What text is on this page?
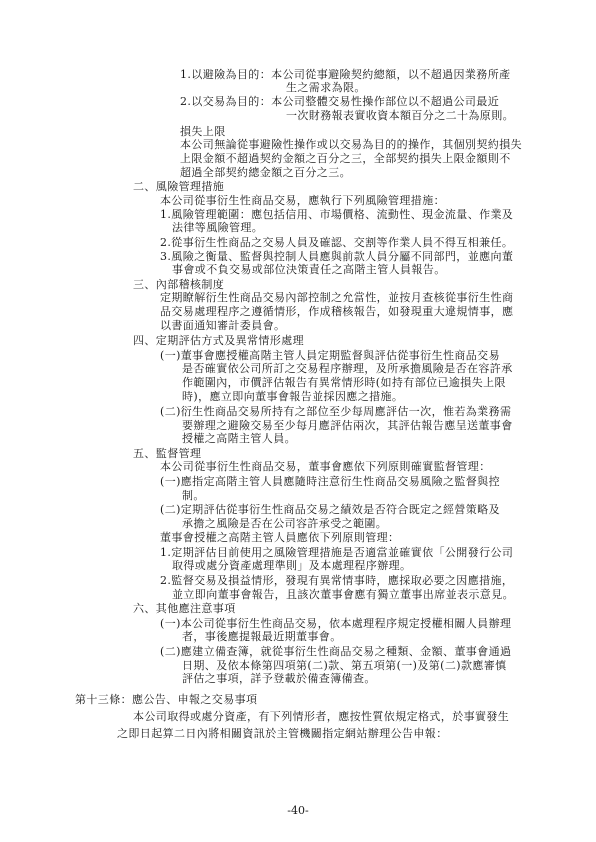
1.以避險為目的：本公司從事避險契約總額，以不超過因業務所產
生之需求為限。
2.以交易為目的：本公司整體交易性操作部位以不超過公司最近
一次財務報表實收資本額百分之二十為原則。
損失上限
本公司無論從事避險性操作或以交易為目的的操作，其個別契約損失
上限金額不超過契約金額之百分之三，全部契約損失上限金額則不
超過全部契約總金額之百分之三。
二、風險管理措施
本公司從事衍生性商品交易，應執行下列風險管理措施：
1.風險管理範圍：應包括信用、市場價格、流動性、現金流量、作業及
法律等風險管理。
2.從事衍生性商品之交易人員及確認、交割等作業人員不得互相兼任。
3.風險之衡量、監督與控制人員應與前款人員分屬不同部門，並應向董
事會或不負交易或部位決策責任之高階主管人員報告。
三、內部稽核制度
定期瞭解衍生性商品交易內部控制之允當性，並按月查核從事衍生性商
品交易處理程序之遵循情形，作成稽核報告，如發現重大違規情事，應
以書面通知審計委員會。
四、定期評估方式及異常情形處理
(一)董事會應授權高階主管人員定期監督與評估從事衍生性商品交易
是否確實依公司所訂之交易程序辦理，及所承擔風險是否在容許承
作範圍內，市價評估報告有異常情形時(如持有部位已逾損失上限
時)，應立即向董事會報告並採因應之措施。
(二)衍生性商品交易所持有之部位至少每周應評估一次，惟若為業務需
要辦理之避險交易至少每月應評估兩次，其評估報告應呈送董事會
授權之高階主管人員。
五、監督管理
本公司從事衍生性商品交易，董事會應依下列原則確實監督管理：
(一)應指定高階主管人員應隨時注意衍生性商品交易風險之監督與控
制。
(二)定期評估從事衍生性商品交易之績效是否符合既定之經營策略及
承擔之風險是否在公司容許承受之範圍。
董事會授權之高階主管人員應依下列原則管理：
1.定期評估目前使用之風險管理措施是否適當並確實依「公開發行公司
取得或處分資產處理準則」及本處理程序辦理。
2.監督交易及損益情形，發現有異常情事時，應採取必要之因應措施，
並立即向董事會報告，且該次董事會應有獨立董事出席並表示意見。
六、其他應注意事項
(一)本公司從事衍生性商品交易，依本處理程序規定授權相關人員辦理
者，事後應提報最近期董事會。
(二)應建立備查簿，就從事衍生性商品交易之種類、金額、董事會通過
日期、及依本條第四項第(二)款、第五項第(一)及第(二)款應審慎
評估之事項，詳予登載於備查簿備查。
第十三條：應公告、申報之交易事項
本公司取得或處分資產，有下列情形者，應按性質依規定格式，於事實發生
之即日起算二日內將相關資訊於主管機關指定網站辦理公告申報：
-40-
